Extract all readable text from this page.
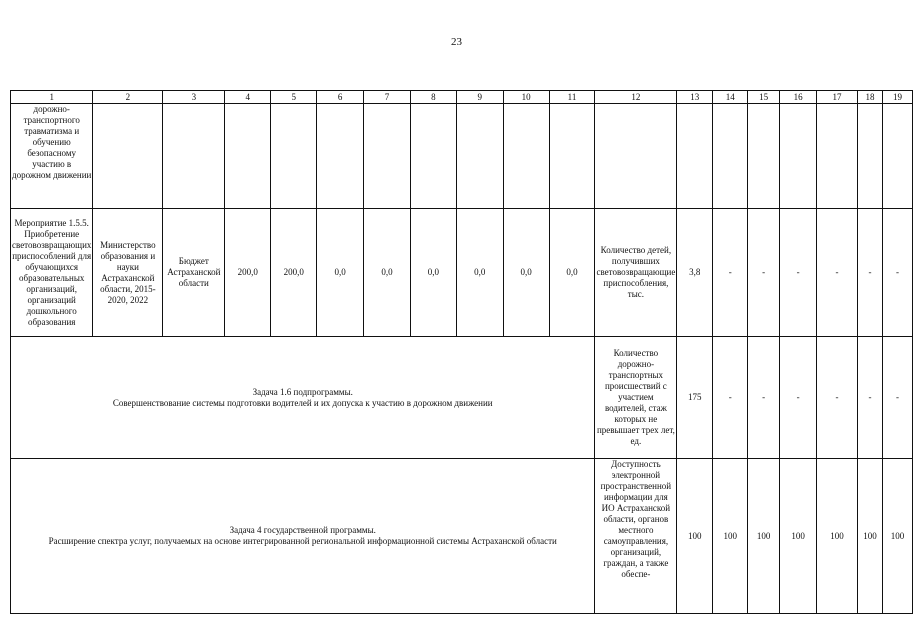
23
1	2	3	4	5	6	7	8	9	10	11	12	13	14	15	16	17	18	19
дорожно-транспортного травматизма и обучению безопасному участию в дорожном движении																		
Мероприятие 1.5.5. Приобретение световозвращающих приспособлений для обучающихся образовательных организаций, организаций дошкольного образования	Министерство образования и науки Астраханской области, 2015-2020, 2022	Бюджет Астраханской области	200,0	200,0	0,0	0,0	0,0	0,0	0,0	0,0	Количество детей, получивших световозвращающие приспособления, тыс.	3,8	-	-	-	-	-	-

Задача 1.6 подпрограммы.
Совершенствование системы подготовки водителей и их допуска к участию в дорожном движении											Количество дорожно-транспортных происшествий с участием водителей, стаж которых не превышает трех лет, ед.	175	-	-	-	-	-	-

Задача 4 государственной программы.
Расширение спектра услуг, получаемых на основе интегрированной региональной информационной системы Астраханской области											Доступность электронной пространственной информации для ИО Астраханской области, органов местного самоуправления, организаций, граждан, а также обеспе-	100	100	100	100	100	100	100
